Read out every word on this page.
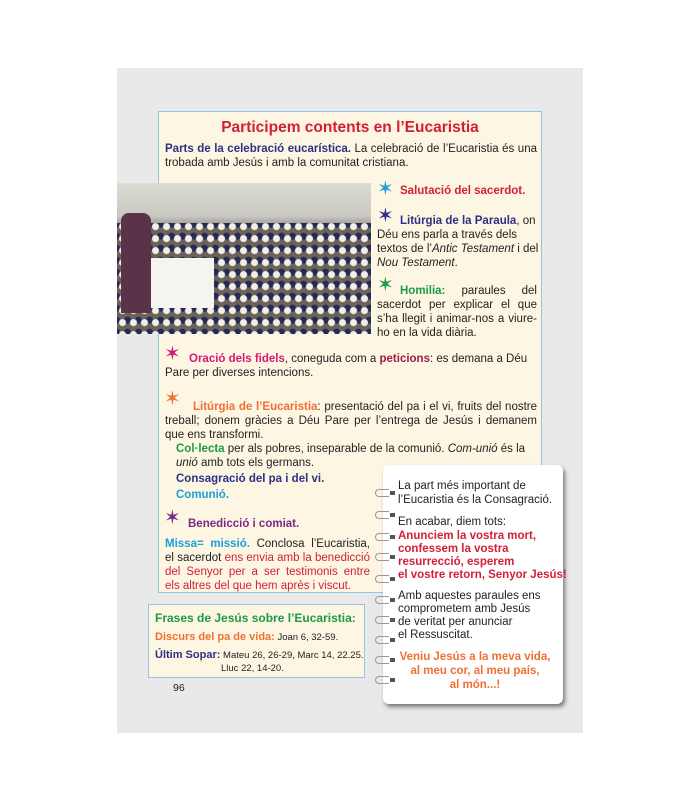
Participem contents en l’Eucaristia
Parts de la celebració eucarística. La celebració de l’Eucaristia és una trobada amb Jesús i amb la comunitat cristiana.
✶ Salutació del sacerdot.
✶ Litúrgia de la Paraula, on Déu ens parla a través dels textos de l’Antic Testament i del Nou Testament.
✶ Homilia: paraules del sacerdot per explicar el que s’ha llegit i animar-nos a viure-ho en la vida diària.
✶ Oració dels fidels, coneguda com a peticions: es demana a Déu Pare per diverses intencions.
✶	Litúrgia de l’Eucaristia: presentació del pa i el vi, fruits del nostre treball; donem gràcies a Déu Pare per l’entrega de Jesús i demanem que ens transformi.
Col·lecta per als pobres, inseparable de la comunió. Com-unió és la unió amb tots els germans.
Consagració del pa i del vi.
Comunió.
✶ Benedicció i comiat.
Missa= missió. Conclosa l’Eucaristia, el sacerdot ens envia amb la benedicció del Senyor per a ser testimonis entre els altres del que hem après i viscut.
La part més important de l’Eucaristia és la Consagració.
En acabar, diem tots:
Anunciem la vostra mort,
confessem la vostra
resurrecció, esperem
el vostre retorn, Senyor Jesús!
Amb aquestes paraules ens
comprometem amb Jesús
de veritat per anunciar
el Ressuscitat.
Veniu Jesús a la meva vida,
al meu cor, al meu país,
al món...!
Frases de Jesús sobre l’Eucaristia:
Discurs del pa de vida: Joan 6, 32-59.
Últim Sopar: Mateu 26, 26-29, Marc 14, 22.25.
Lluc 22, 14-20.
96
